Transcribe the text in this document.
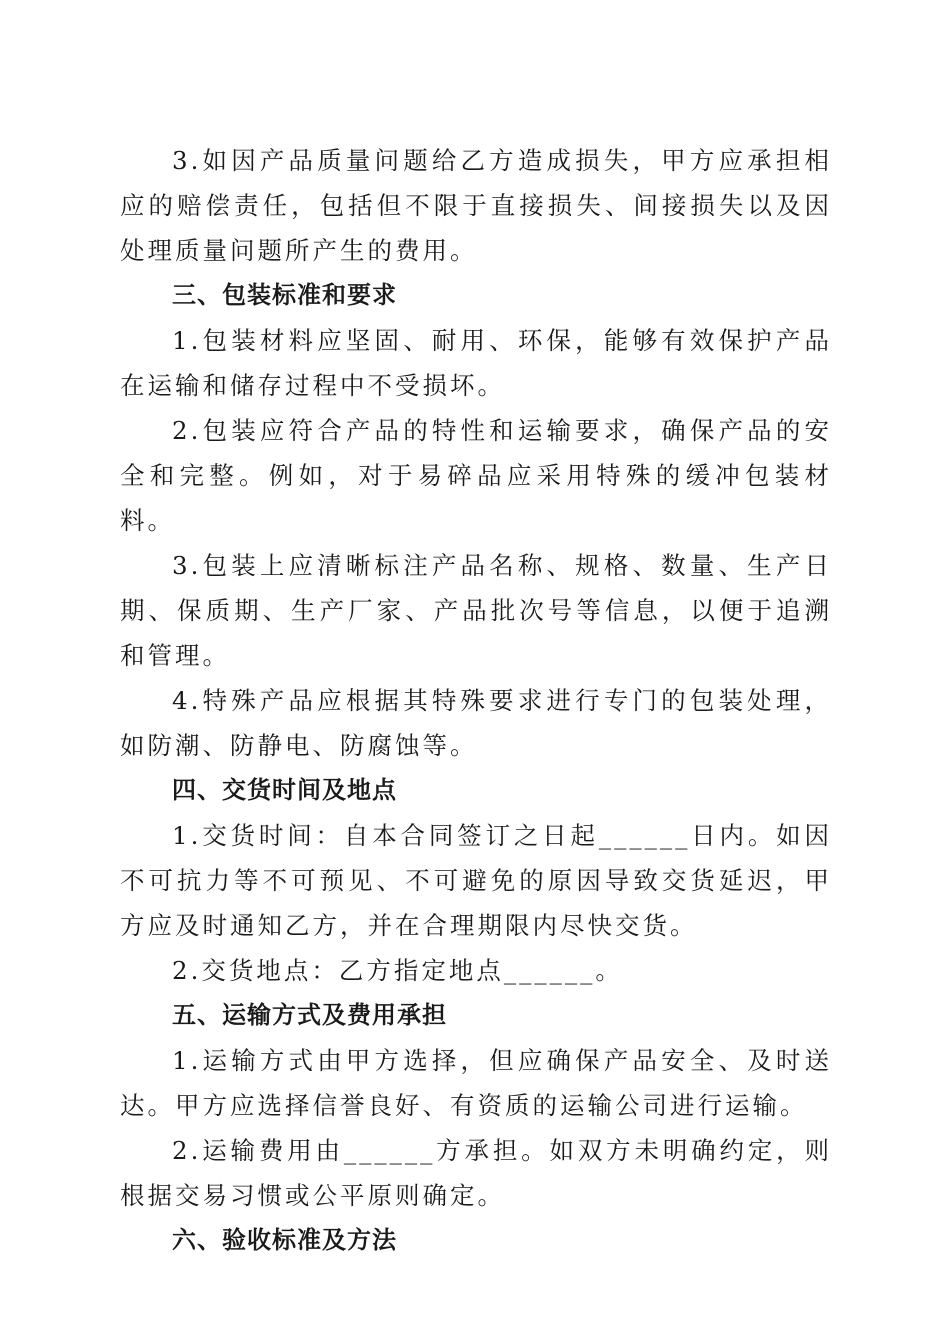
3.如因产品质量问题给乙方造成损失，甲方应承担相应的赔偿责任，包括但不限于直接损失、间接损失以及因处理质量问题所产生的费用。

三、包装标准和要求

1.包装材料应坚固、耐用、环保，能够有效保护产品在运输和储存过程中不受损坏。

2.包装应符合产品的特性和运输要求，确保产品的安全和完整。例如，对于易碎品应采用特殊的缓冲包装材料。

3.包装上应清晰标注产品名称、规格、数量、生产日期、保质期、生产厂家、产品批次号等信息，以便于追溯和管理。

4.特殊产品应根据其特殊要求进行专门的包装处理，如防潮、防静电、防腐蚀等。

四、交货时间及地点

1.交货时间：自本合同签订之日起______日内。如因不可抗力等不可预见、不可避免的原因导致交货延迟，甲方应及时通知乙方，并在合理期限内尽快交货。

2.交货地点：乙方指定地点______。

五、运输方式及费用承担

1.运输方式由甲方选择，但应确保产品安全、及时送达。甲方应选择信誉良好、有资质的运输公司进行运输。

2.运输费用由______方承担。如双方未明确约定，则根据交易习惯或公平原则确定。

六、验收标准及方法
